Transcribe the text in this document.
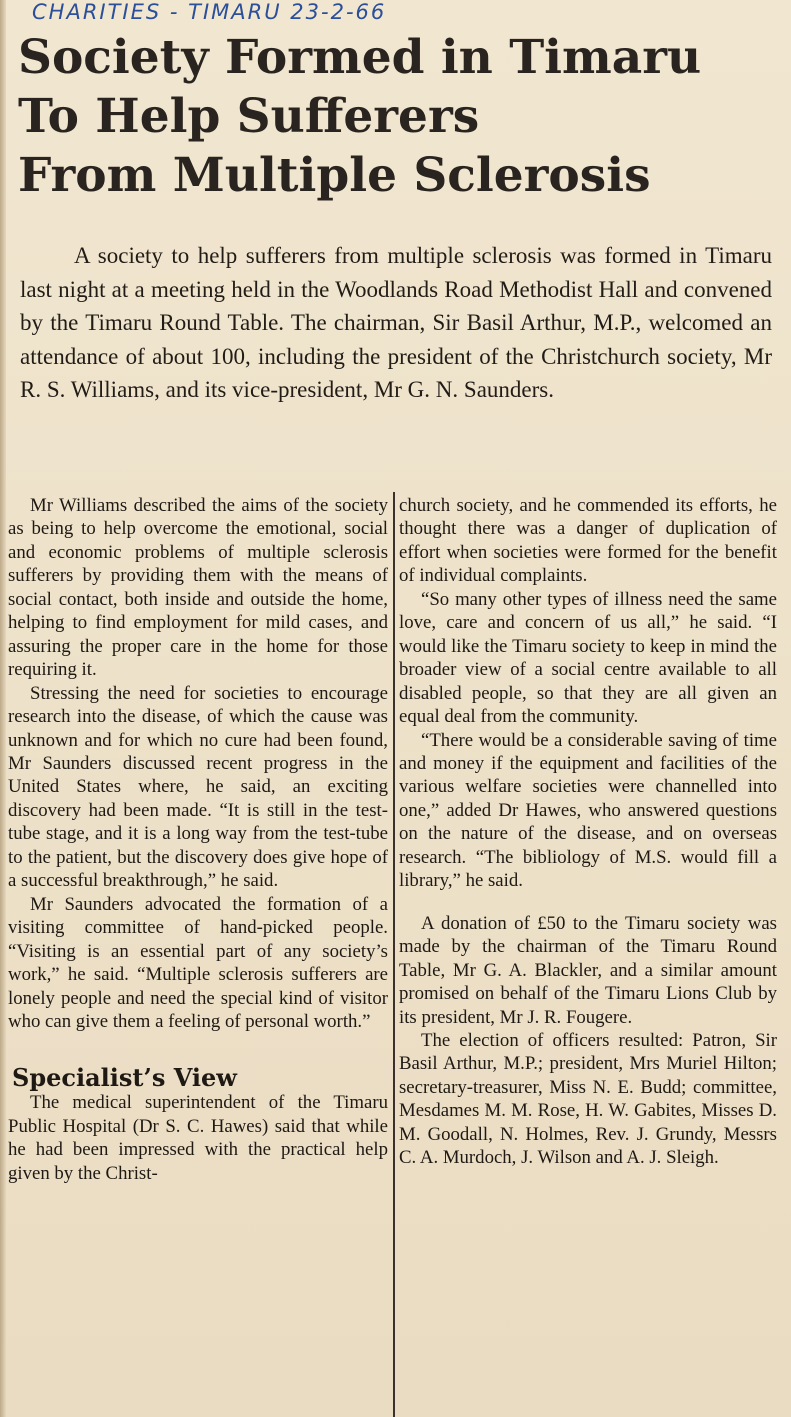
CHARITIES - TIMARU 23-2-66
Society Formed in Timaru
To Help Sufferers
From Multiple Sclerosis
A society to help sufferers from multiple sclerosis was formed in Timaru last night at a meeting held in the Woodlands Road Methodist Hall and convened by the Timaru Round Table. The chairman, Sir Basil Arthur, M.P., welcomed an attendance of about 100, including the president of the Christchurch society, Mr R. S. Williams, and its vice-president, Mr G. N. Saunders.

Mr Williams described the aims of the society as being to help overcome the emotional, social and economic problems of multiple sclerosis sufferers by providing them with the means of social contact, both inside and outside the home, helping to find employment for mild cases, and assuring the proper care in the home for those requiring it.

Stressing the need for societies to encourage research into the disease, of which the cause was unknown and for which no cure had been found, Mr Saunders discussed recent progress in the United States where, he said, an exciting discovery had been made. “It is still in the test-tube stage, and it is a long way from the test-tube to the patient, but the discovery does give hope of a successful breakthrough,” he said.

Mr Saunders advocated the formation of a visiting committee of hand-picked people. “Visiting is an essential part of any society’s work,” he said. “Multiple sclerosis sufferers are lonely people and need the special kind of visitor who can give them a feeling of personal worth.”

Specialist’s View

The medical superintendent of the Timaru Public Hospital (Dr S. C. Hawes) said that while he had been impressed with the practical help given by the Christ-

church society, and he commended its efforts, he thought there was a danger of duplication of effort when societies were formed for the benefit of individual complaints.

“So many other types of illness need the same love, care and concern of us all,” he said. “I would like the Timaru society to keep in mind the broader view of a social centre available to all disabled people, so that they are all given an equal deal from the community.

“There would be a considerable saving of time and money if the equipment and facilities of the various welfare societies were channelled into one,” added Dr Hawes, who answered questions on the nature of the disease, and on overseas research. “The bibliology of M.S. would fill a library,” he said.

A donation of £50 to the Timaru society was made by the chairman of the Timaru Round Table, Mr G. A. Blackler, and a similar amount promised on behalf of the Timaru Lions Club by its president, Mr J. R. Fougere.

The election of officers resulted: Patron, Sir Basil Arthur, M.P.; president, Mrs Muriel Hilton; secretary-treasurer, Miss N. E. Budd; committee, Mesdames M. M. Rose, H. W. Gabites, Misses D. M. Goodall, N. Holmes, Rev. J. Grundy, Messrs C. A. Murdoch, J. Wilson and A. J. Sleigh.
